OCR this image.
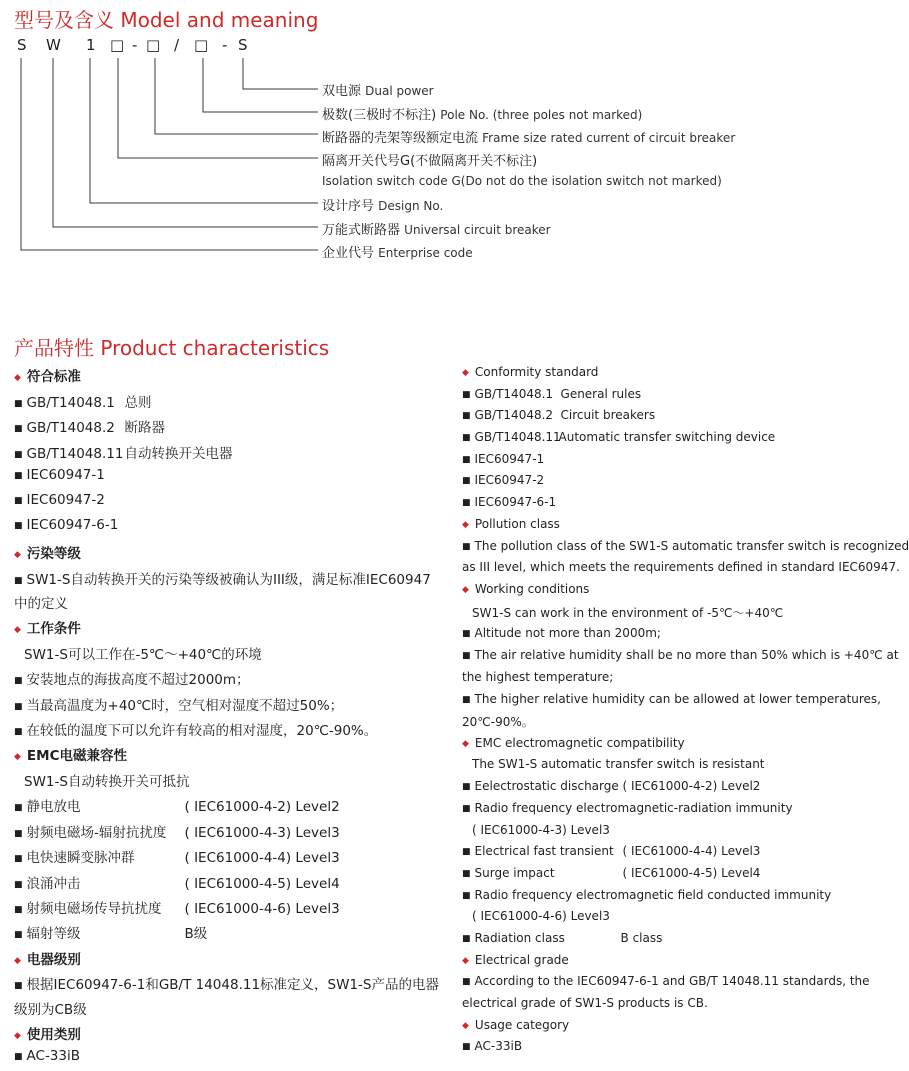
型号及含义 Model and meaning
S W 1 □ - □ / □ - S
双电源 Dual power
极数(三极时不标注) Pole No. (three poles not marked)
断路器的壳架等级额定电流 Frame size rated current of circuit breaker
隔离开关代号G(不做隔离开关不标注)
Isolation switch code G(Do not do the isolation switch not marked)
设计序号 Design No.
万能式断路器 Universal circuit breaker
企业代号 Enterprise code
产品特性 Product characteristics
◆ 符合标准
■ GB/T14048.1 总则
■ GB/T14048.2 断路器
■ GB/T14048.11自动转换开关电器
■ IEC60947-1
■ IEC60947-2
■ IEC60947-6-1
◆ 污染等级
■ SW1-S自动转换开关的污染等级被确认为III级，满足标准IEC60947
中的定义
◆ 工作条件
SW1-S可以工作在-5℃～+40℃的环境
■ 安装地点的海拔高度不超过2000m；
■ 当最高温度为+40℃时，空气相对湿度不超过50%；
■ 在较低的温度下可以允许有较高的相对湿度，20℃-90%。
◆ EMC电磁兼容性
SW1-S自动转换开关可抵抗
■ 静电放电	( IEC61000-4-2) Level2
■ 射频电磁场-辐射抗扰度 ( IEC61000-4-3) Level3
■ 电快速瞬变脉冲群	( IEC61000-4-4) Level3
■ 浪涌冲击	( IEC61000-4-5) Level4
■ 射频电磁场传导抗扰度 ( IEC61000-4-6) Level3
■ 辐射等级	B级
◆ 电器级别
■ 根据IEC60947-6-1和GB/T 14048.11标准定义，SW1-S产品的电器
级别为CB级
◆ 使用类别
■ AC-33iB
◆ Conformity standard
■ GB/T14048.1 General rules
■ GB/T14048.2 Circuit breakers
■ GB/T14048.11Automatic transfer switching device
■ IEC60947-1
■ IEC60947-2
■ IEC60947-6-1
◆ Pollution class
■ The pollution class of the SW1-S automatic transfer switch is recognized
as III level, which meets the requirements defined in standard IEC60947.
◆ Working conditions
SW1-S can work in the environment of -5℃～+40℃
■ Altitude not more than 2000m;
■ The air relative humidity shall be no more than 50% which is +40℃ at
the highest temperature;
■ The higher relative humidity can be allowed at lower temperatures,
20℃-90%。
◆ EMC electromagnetic compatibility
The SW1-S automatic transfer switch is resistant
■ Eelectrostatic discharge ( IEC61000-4-2) Level2
■ Radio frequency electromagnetic-radiation immunity
( IEC61000-4-3) Level3
■ Electrical fast transient ( IEC61000-4-4) Level3
■ Surge impact	( IEC61000-4-5) Level4
■ Radio frequency electromagnetic field conducted immunity
( IEC61000-4-6) Level3
■ Radiation class	B class
◆ Electrical grade
■ According to the IEC60947-6-1 and GB/T 14048.11 standards, the
electrical grade of SW1-S products is CB.
◆ Usage category
■ AC-33iB
